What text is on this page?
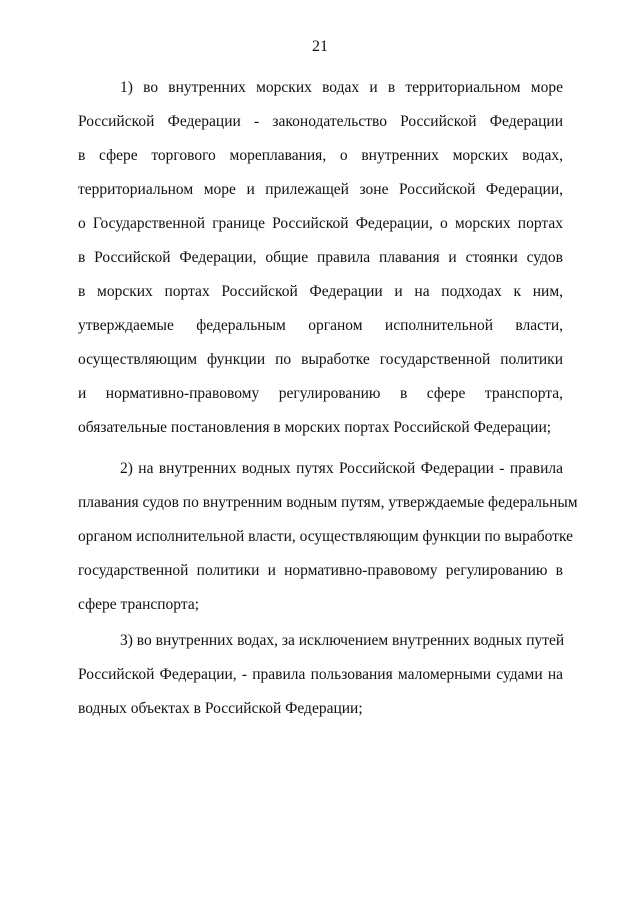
21
1) во внутренних морских водах и в территориальном море
Российской Федерации - законодательство Российской Федерации
в сфере торгового мореплавания, о внутренних морских водах,
территориальном море и прилежащей зоне Российской Федерации,
о Государственной границе Российской Федерации, о морских портах
в Российской Федерации, общие правила плавания и стоянки судов
в морских портах Российской Федерации и на подходах к ним,
утверждаемые федеральным органом исполнительной власти,
осуществляющим функции по выработке государственной политики
и нормативно-правовому регулированию в сфере транспорта,
обязательные постановления в морских портах Российской Федерации;
2) на внутренних водных путях Российской Федерации - правила
плавания судов по внутренним водным путям, утверждаемые федеральным
органом исполнительной власти, осуществляющим функции по выработке
государственной политики и нормативно-правовому регулированию в
сфере транспорта;
3) во внутренних водах, за исключением внутренних водных путей
Российской Федерации, - правила пользования маломерными судами на
водных объектах в Российской Федерации;
